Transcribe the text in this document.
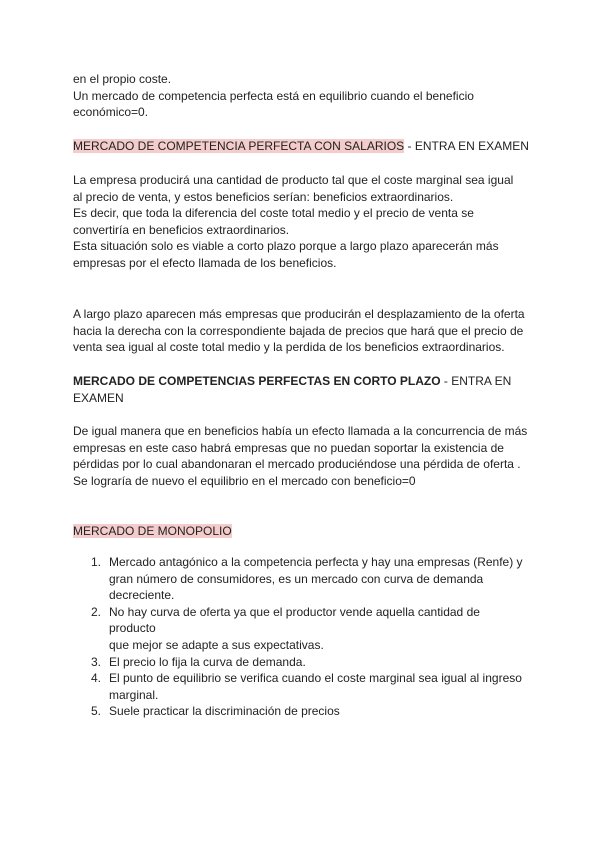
en el propio coste.
Un mercado de competencia perfecta está en equilibrio cuando el beneficio
económico=0.

MERCADO DE COMPETENCIA PERFECTA CON SALARIOS - ENTRA EN EXAMEN

La empresa producirá una cantidad de producto tal que el coste marginal sea igual
al precio de venta, y estos beneficios serían: beneficios extraordinarios.
Es decir, que toda la diferencia del coste total medio y el precio de venta se
convertiría en beneficios extraordinarios.
Esta situación solo es viable a corto plazo porque a largo plazo aparecerán más
empresas por el efecto llamada de los beneficios.

A largo plazo aparecen más empresas que producirán el desplazamiento de la oferta
hacia la derecha con la correspondiente bajada de precios que hará que el precio de
venta sea igual al coste total medio y la perdida de los beneficios extraordinarios.

MERCADO DE COMPETENCIAS PERFECTAS EN CORTO PLAZO - ENTRA EN
EXAMEN

De igual manera que en beneficios había un efecto llamada a la concurrencia de más
empresas en este caso habrá empresas que no puedan soportar la existencia de
pérdidas por lo cual abandonaran el mercado produciéndose una pérdida de oferta .
Se lograría de nuevo el equilibrio en el mercado con beneficio=0

MERCADO DE MONOPOLIO

1. Mercado antagónico a la competencia perfecta y hay una empresas (Renfe) y
gran número de consumidores, es un mercado con curva de demanda
decreciente.
2. No hay curva de oferta ya que el productor vende aquella cantidad de
producto
que mejor se adapte a sus expectativas.
3. El precio lo fija la curva de demanda.
4. El punto de equilibrio se verifica cuando el coste marginal sea igual al ingreso
marginal.
5. Suele practicar la discriminación de precios
